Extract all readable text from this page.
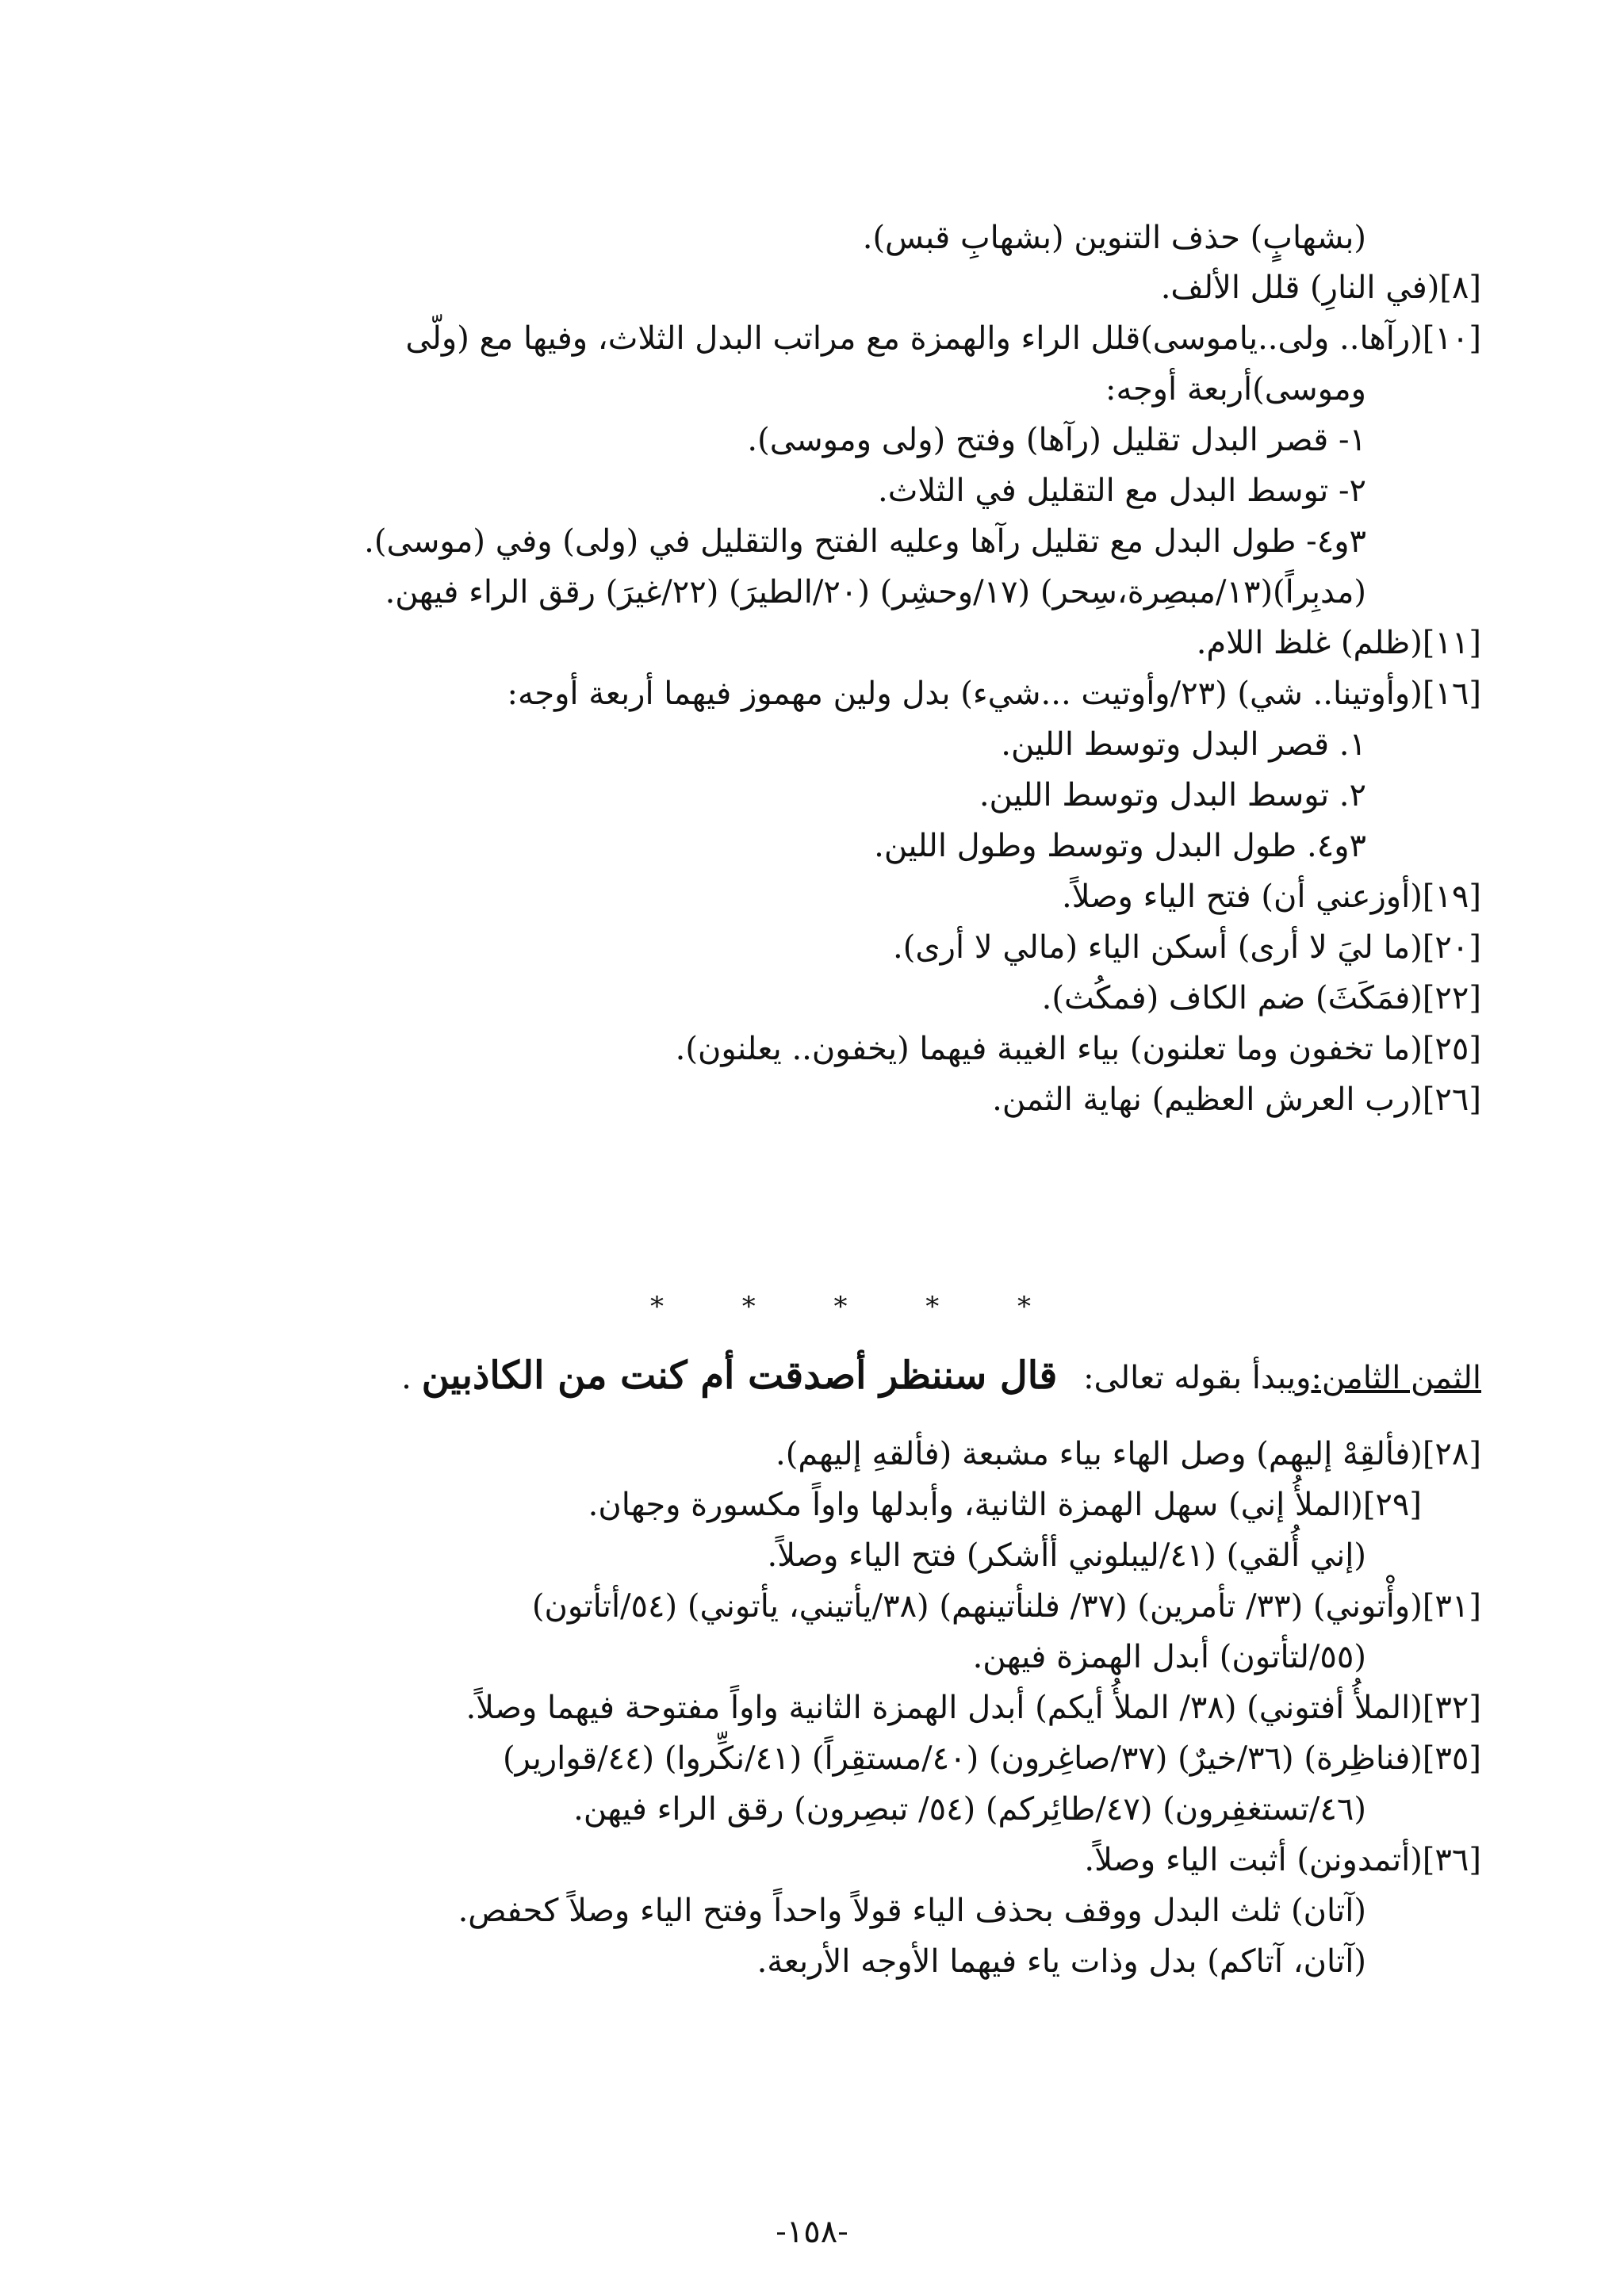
(بشهابٍ) حذف التنوين (بشهابِ قبس).
[٨](في النارِ) قلل الألف.
[١٠](رآها.. ولى..ياموسى)قلل الراء والهمزة مع مراتب البدل الثلاث، وفيها مع (ولّى
وموسى)أربعة أوجه:
١- قصر البدل تقليل (رآها) وفتح (ولى وموسى).
٢- توسط البدل مع التقليل في الثلاث.
٣و٤- طول البدل مع تقليل رآها وعليه الفتح والتقليل في (ولى) وفي (موسى).
(مدبِراً)(١٣/مبصِرة،سِحر) (١٧/وحشِر) (٢٠/الطيرَ) (٢٢/غيرَ) رقق الراء فيهن.
[١١](ظلم) غلظ اللام.
[١٦](وأوتينا.. شي) (٢٣/وأوتيت ...شيء) بدل ولين مهموز فيهما أربعة أوجه:
١. قصر البدل وتوسط اللين.
٢. توسط البدل وتوسط اللين.
٣و٤. طول البدل وتوسط وطول اللين.
[١٩](أوزعني أن) فتح الياء وصلاً.
[٢٠](ما ليَ لا أرى) أسكن الياء (مالي لا أرى).
[٢٢](فمَكَثَ) ضم الكاف (فمكُث).
[٢٥](ما تخفون وما تعلنون) بياء الغيبة فيهما (يخفون.. يعلنون).
[٢٦](رب العرش العظيم) نهاية الثمن.
[٢٨](فألقِهْ إليهم) وصل الهاء بياء مشبعة (فألقهِ إليهم).
[٢٩](الملأُ إني) سهل الهمزة الثانية، وأبدلها واواً مكسورة وجهان.
(إني أُلقي) (٤١/ليبلوني أأشكر) فتح الياء وصلاً.
[٣١](وأْتوني) (٣٣/ تأمرين) (٣٧/ فلنأتينهم) (٣٨/يأتيني، يأتوني) (٥٤/أتأتون)
(٥٥/لتأتون) أبدل الهمزة فيهن.
[٣٢](الملأُ أفتوني) (٣٨/ الملأُ أيكم) أبدل الهمزة الثانية واواً مفتوحة فيهما وصلاً.
[٣٥](فناظِرة) (٣٦/خيرٌ) (٣٧/صاغِرون) (٤٠/مستقِراً) (٤١/نكِّروا) (٤٤/قوارير)
(٤٦/تستغفِرون) (٤٧/طائِركم) (٥٤/ تبصِرون) رقق الراء فيهن.
[٣٦](أتمدونن) أثبت الياء وصلاً.
(آتان) ثلث البدل ووقف بحذف الياء قولاً واحداً وفتح الياء وصلاً كحفص.
(آتان، آتاكم) بدل وذات ياء فيهما الأوجه الأربعة.
*
*
*
*
*
الثمن الثامن:ويبدأ بقوله تعالى: قال سننظر أصدقت أم كنت من الكاذبين .
-١٥٨-
